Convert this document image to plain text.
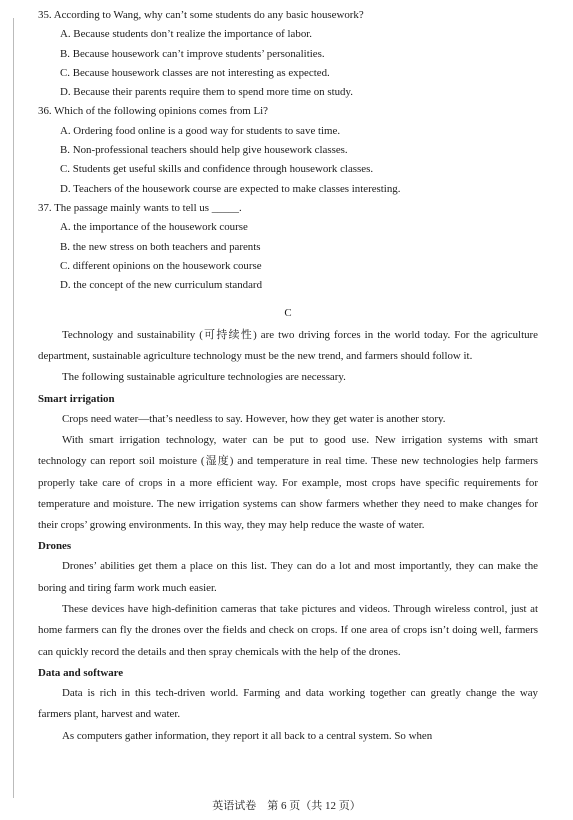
35. According to Wang, why can’t some students do any basic housework?

A. Because students don’t realize the importance of labor.

B. Because housework can’t improve students’ personalities.

C. Because housework classes are not interesting as expected.

D. Because their parents require them to spend more time on study.

36. Which of the following opinions comes from Li?

A. Ordering food online is a good way for students to save time.

B. Non-professional teachers should help give housework classes.

C. Students get useful skills and confidence through housework classes.

D. Teachers of the housework course are expected to make classes interesting.

37. The passage mainly wants to tell us _____.

A. the importance of the housework course

B. the new stress on both teachers and parents

C. different opinions on the housework course

D. the concept of the new curriculum standard

C

Technology and sustainability (可持续性) are two driving forces in the world today. For the agriculture department, sustainable agriculture technology must be the new trend, and farmers should follow it.

The following sustainable agriculture technologies are necessary.

Smart irrigation

Crops need water—that’s needless to say. However, how they get water is another story.

With smart irrigation technology, water can be put to good use. New irrigation systems with smart technology can report soil moisture (湿度) and temperature in real time. These new technologies help farmers properly take care of crops in a more efficient way. For example, most crops have specific requirements for temperature and moisture. The new irrigation systems can show farmers whether they need to make changes for their crops’ growing environments. In this way, they may help reduce the waste of water.

Drones

Drones’ abilities get them a place on this list. They can do a lot and most importantly, they can make the boring and tiring farm work much easier.

These devices have high-definition cameras that take pictures and videos. Through wireless control, just at home farmers can fly the drones over the fields and check on crops. If one area of crops isn’t doing well, farmers can quickly record the details and then spray chemicals with the help of the drones.

Data and software

Data is rich in this tech-driven world. Farming and data working together can greatly change the way farmers plant, harvest and water.

As computers gather information, they report it all back to a central system. So when

英语试卷　第 6 页（共 12 页）
